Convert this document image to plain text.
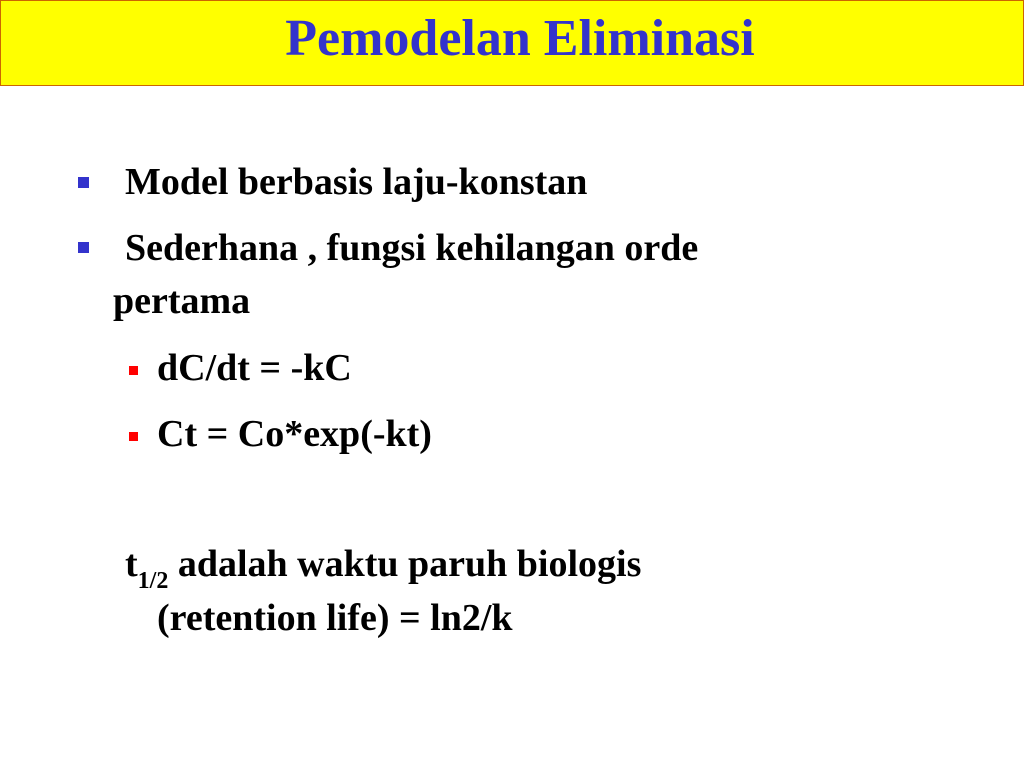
Pemodelan Eliminasi
Model berbasis laju-konstan
Sederhana , fungsi kehilangan orde
pertama
dC/dt = -kC
Ct = Co*exp(-kt)
$t_{1/2}$ adalah waktu paruh biologis
(retention life) = ln2/k
